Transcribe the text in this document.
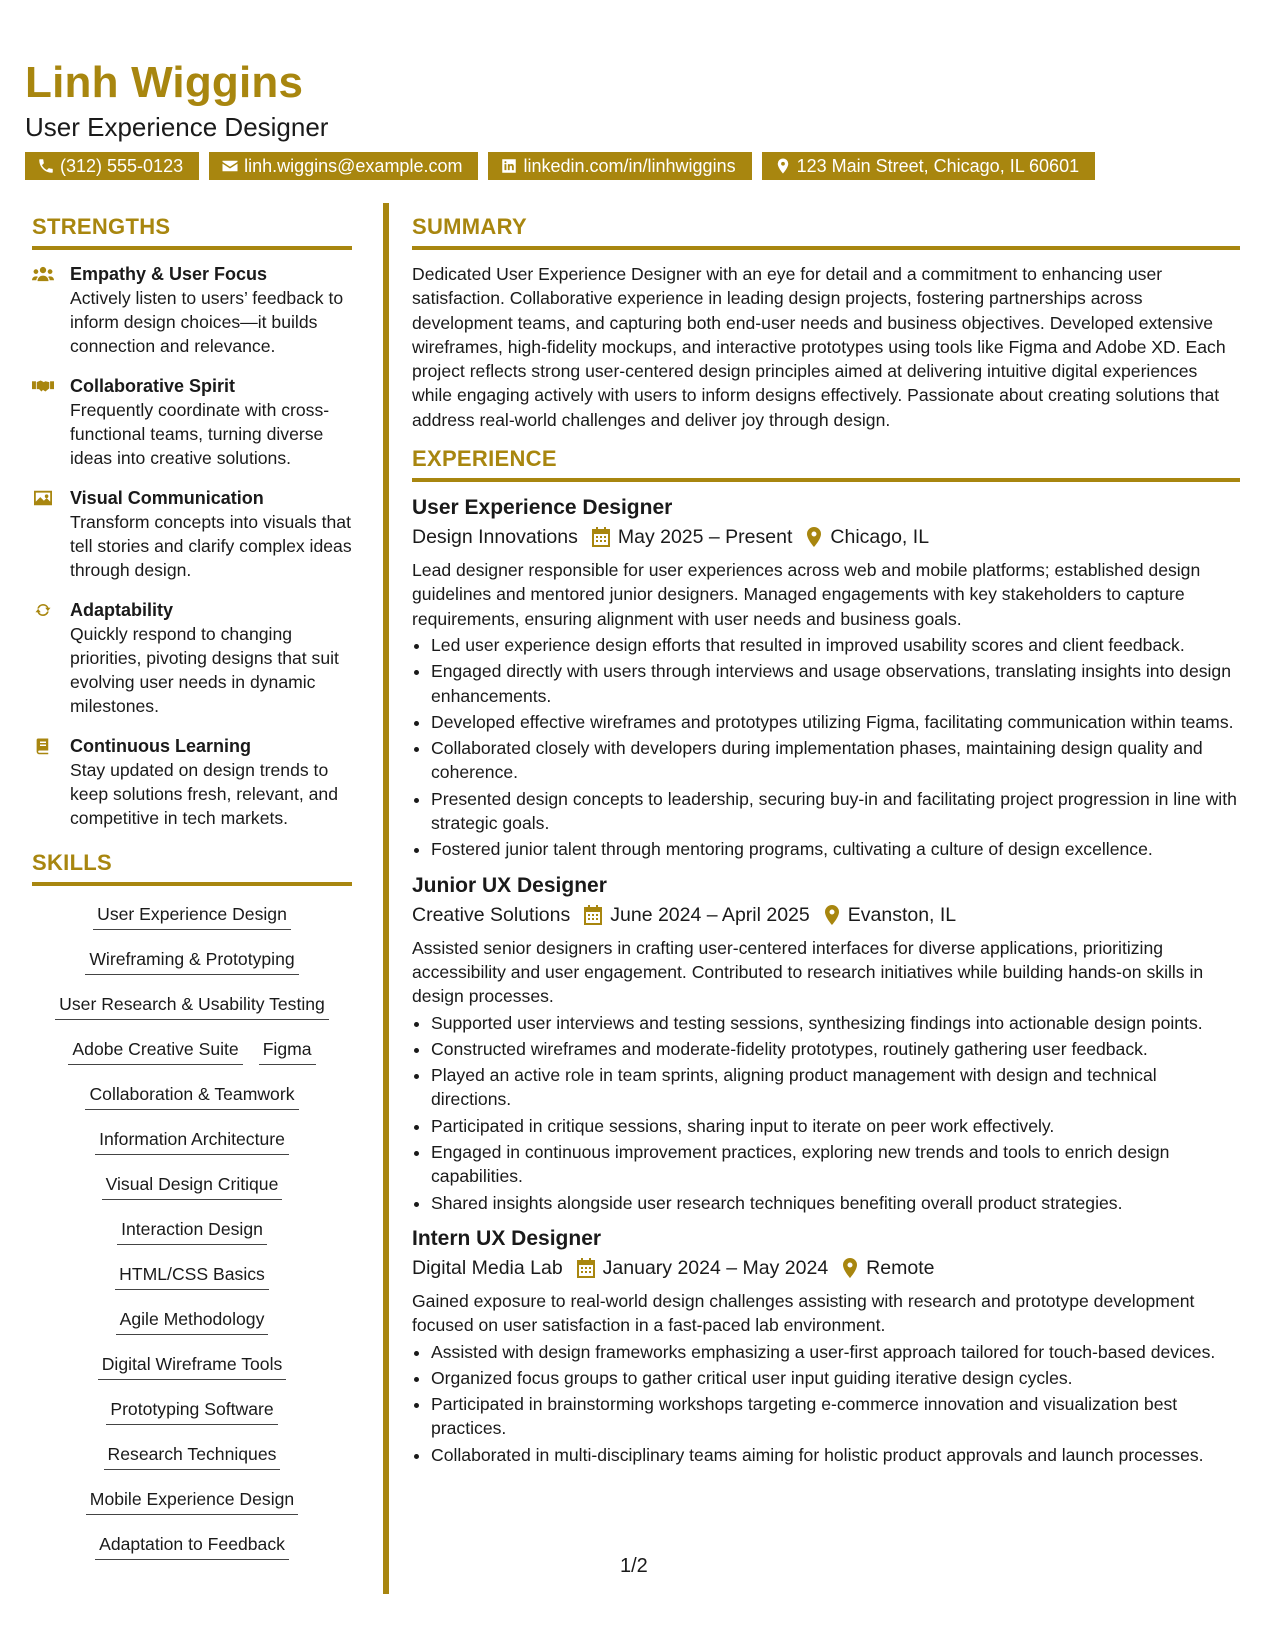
Linh Wiggins
User Experience Designer
(312) 555-0123	linh.wiggins@example.com	linkedin.com/in/linhwiggins	123 Main Street, Chicago, IL 60601
STRENGTHS
Empathy & User Focus
Actively listen to users’ feedback to inform design choices—it builds connection and relevance.
Collaborative Spirit
Frequently coordinate with cross-functional teams, turning diverse ideas into creative solutions.
Visual Communication
Transform concepts into visuals that tell stories and clarify complex ideas through design.
Adaptability
Quickly respond to changing priorities, pivoting designs that suit evolving user needs in dynamic milestones.
Continuous Learning
Stay updated on design trends to keep solutions fresh, relevant, and competitive in tech markets.
SKILLS
User Experience Design
Wireframing & Prototyping
User Research & Usability Testing
Adobe Creative Suite Figma
Collaboration & Teamwork
Information Architecture
Visual Design Critique
Interaction Design
HTML/CSS Basics
Agile Methodology
Digital Wireframe Tools
Prototyping Software
Research Techniques
Mobile Experience Design
Adaptation to Feedback
SUMMARY
Dedicated User Experience Designer with an eye for detail and a commitment to enhancing user satisfaction. Collaborative experience in leading design projects, fostering partnerships across development teams, and capturing both end-user needs and business objectives. Developed extensive wireframes, high-fidelity mockups, and interactive prototypes using tools like Figma and Adobe XD. Each project reflects strong user-centered design principles aimed at delivering intuitive digital experiences while engaging actively with users to inform designs effectively. Passionate about creating solutions that address real-world challenges and deliver joy through design.
EXPERIENCE
User Experience Designer
Design Innovations May 2025 – Present Chicago, IL
Lead designer responsible for user experiences across web and mobile platforms; established design guidelines and mentored junior designers. Managed engagements with key stakeholders to capture requirements, ensuring alignment with user needs and business goals.
• Led user experience design efforts that resulted in improved usability scores and client feedback.
• Engaged directly with users through interviews and usage observations, translating insights into design enhancements.
• Developed effective wireframes and prototypes utilizing Figma, facilitating communication within teams.
• Collaborated closely with developers during implementation phases, maintaining design quality and coherence.
• Presented design concepts to leadership, securing buy-in and facilitating project progression in line with strategic goals.
• Fostered junior talent through mentoring programs, cultivating a culture of design excellence.
Junior UX Designer
Creative Solutions June 2024 – April 2025 Evanston, IL
Assisted senior designers in crafting user-centered interfaces for diverse applications, prioritizing accessibility and user engagement. Contributed to research initiatives while building hands-on skills in design processes.
• Supported user interviews and testing sessions, synthesizing findings into actionable design points.
• Constructed wireframes and moderate-fidelity prototypes, routinely gathering user feedback.
• Played an active role in team sprints, aligning product management with design and technical directions.
• Participated in critique sessions, sharing input to iterate on peer work effectively.
• Engaged in continuous improvement practices, exploring new trends and tools to enrich design capabilities.
• Shared insights alongside user research techniques benefiting overall product strategies.
Intern UX Designer
Digital Media Lab January 2024 – May 2024 Remote
Gained exposure to real-world design challenges assisting with research and prototype development focused on user satisfaction in a fast-paced lab environment.
• Assisted with design frameworks emphasizing a user-first approach tailored for touch-based devices.
• Organized focus groups to gather critical user input guiding iterative design cycles.
• Participated in brainstorming workshops targeting e-commerce innovation and visualization best practices.
• Collaborated in multi-disciplinary teams aiming for holistic product approvals and launch processes.
1/2
